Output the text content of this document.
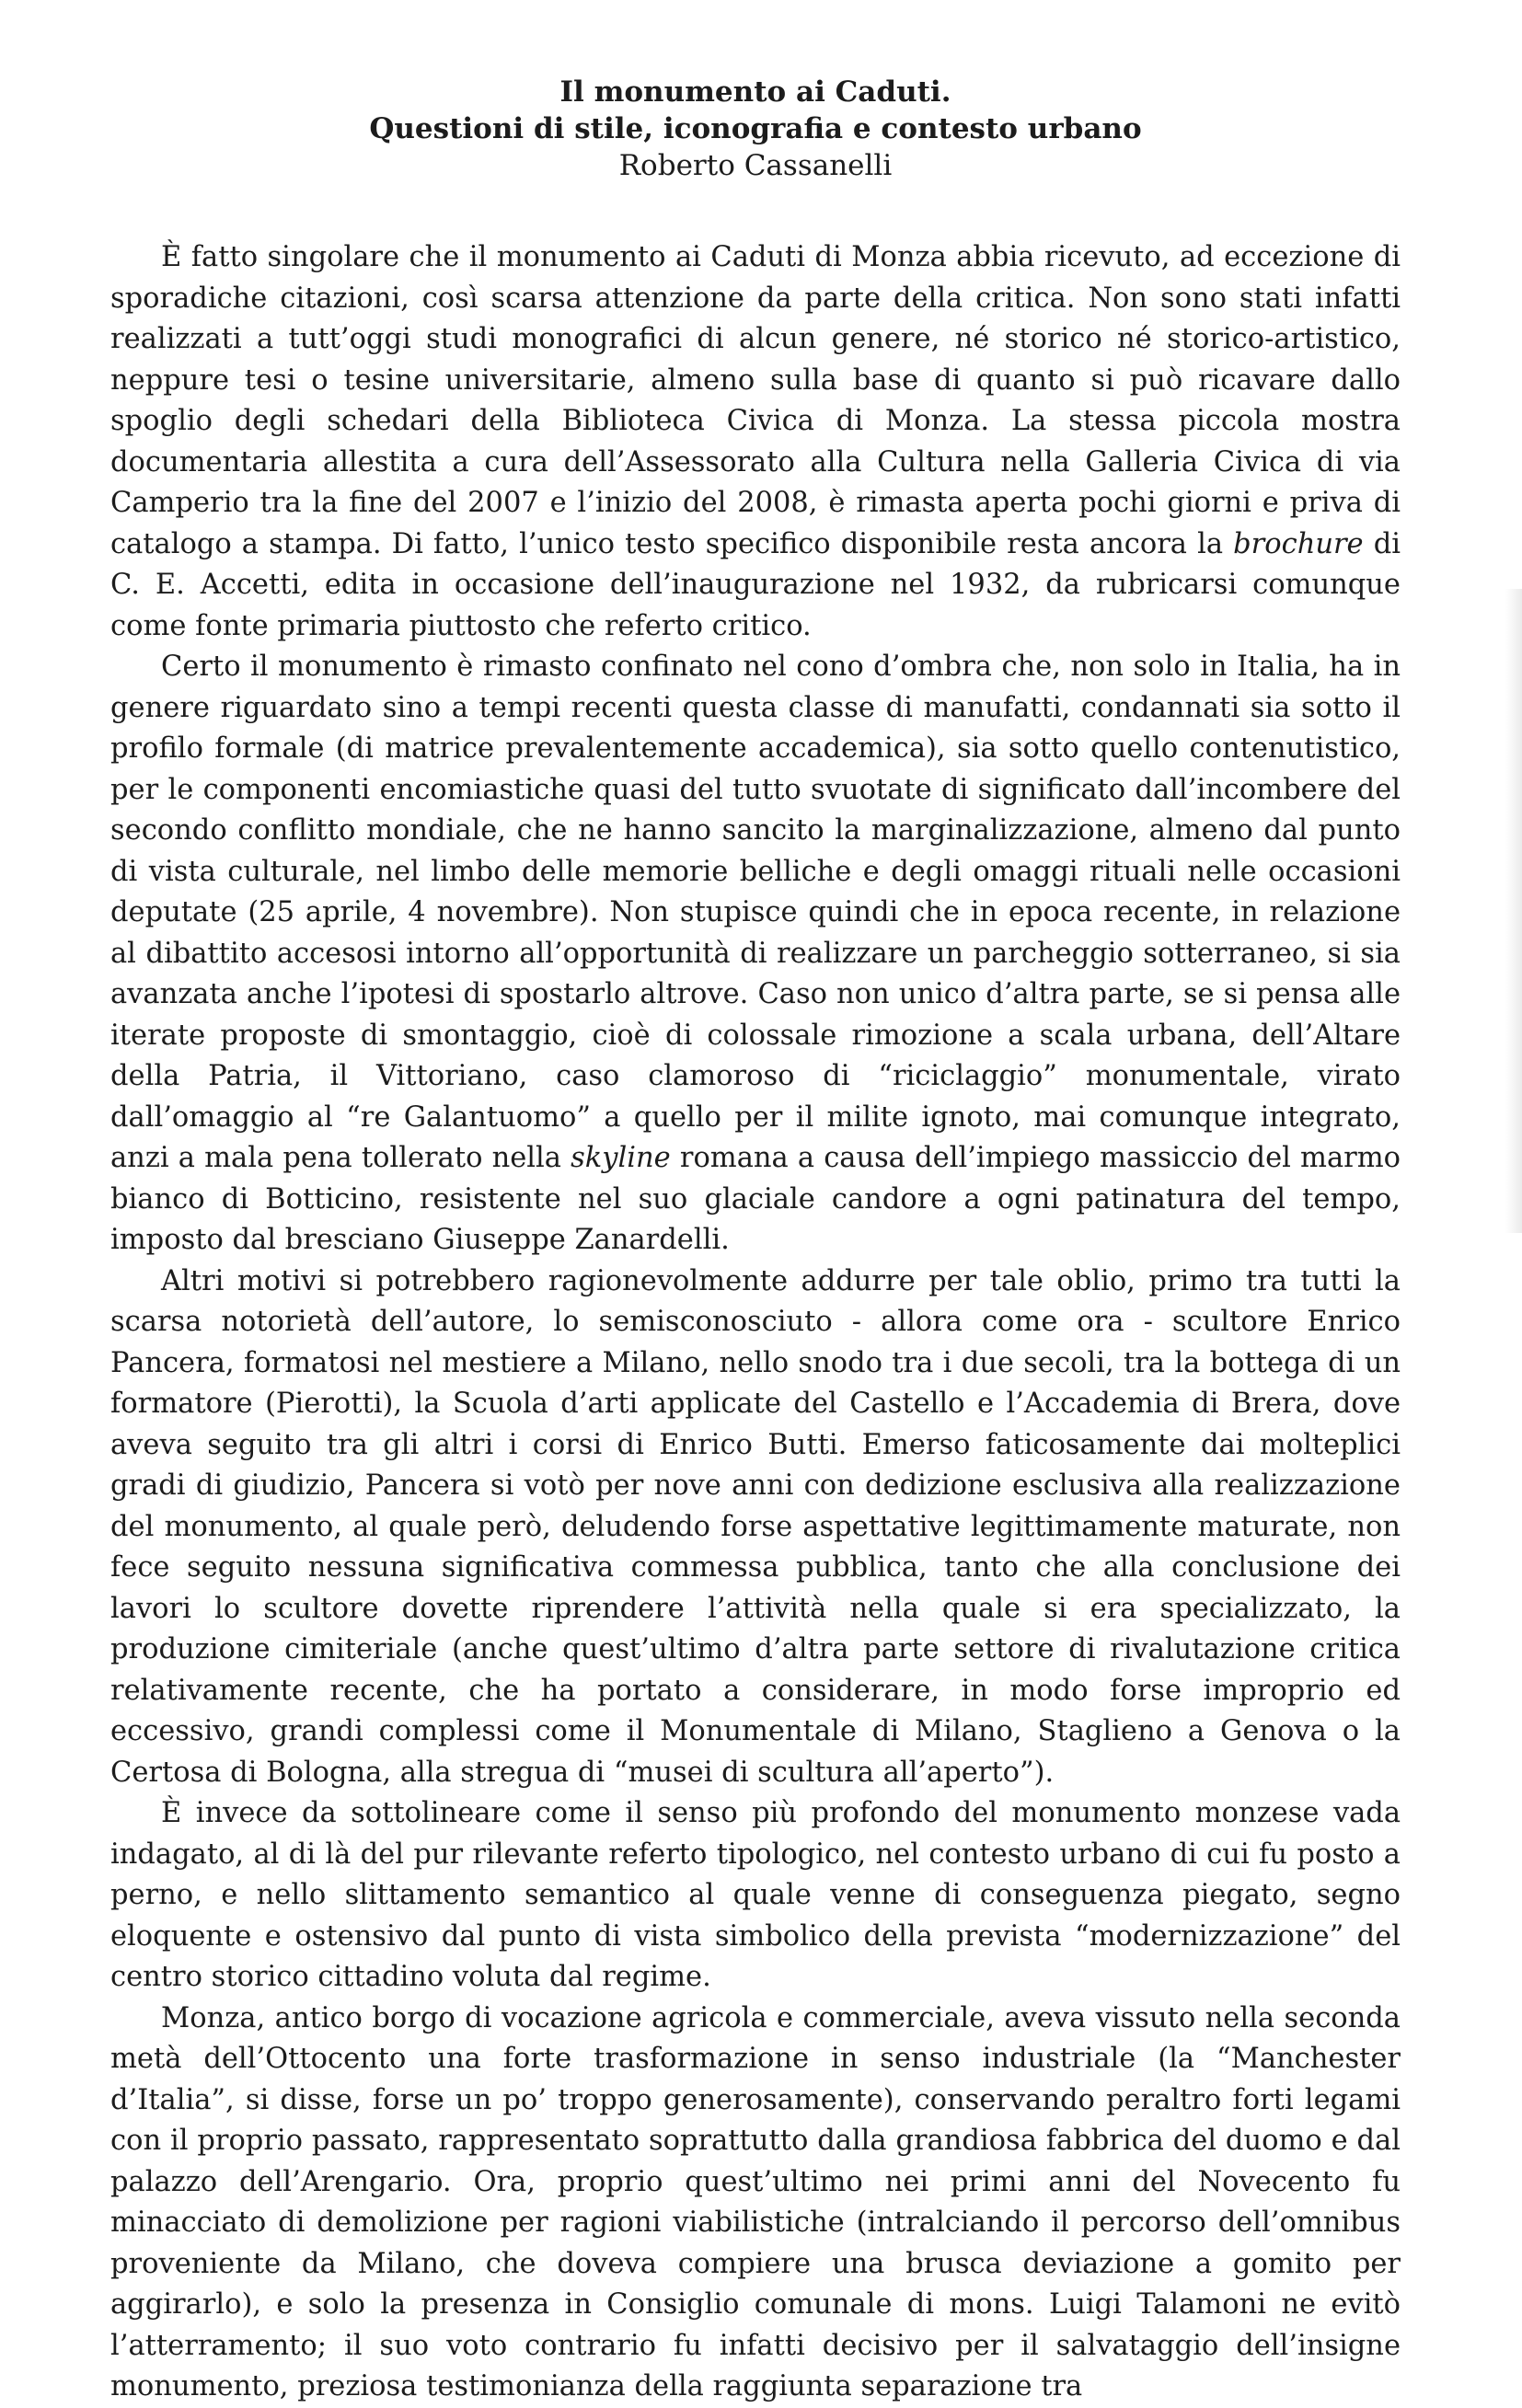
Il monumento ai Caduti.
Questioni di stile, iconografia e contesto urbano
Roberto Cassanelli

È fatto singolare che il monumento ai Caduti di Monza abbia ricevuto, ad eccezione di sporadiche citazioni, così scarsa attenzione da parte della critica. Non sono stati infatti realizzati a tutt’oggi studi monografici di alcun genere, né storico né storico-artistico, neppure tesi o tesine universitarie, almeno sulla base di quanto si può ricavare dallo spoglio degli schedari della Biblioteca Civica di Monza. La stessa piccola mostra documentaria allestita a cura dell’Assessorato alla Cultura nella Galleria Civica di via Camperio tra la fine del 2007 e l’inizio del 2008, è rimasta aperta pochi giorni e priva di catalogo a stampa. Di fatto, l’unico testo specifico disponibile resta ancora la brochure di C. E. Accetti, edita in occasione dell’inaugurazione nel 1932, da rubricarsi comunque come fonte primaria piuttosto che referto critico.

Certo il monumento è rimasto confinato nel cono d’ombra che, non solo in Italia, ha in genere riguardato sino a tempi recenti questa classe di manufatti, condannati sia sotto il profilo formale (di matrice prevalentemente accademica), sia sotto quello contenutistico, per le componenti encomiastiche quasi del tutto svuotate di significato dall’incombere del secondo conflitto mondiale, che ne hanno sancito la marginalizzazione, almeno dal punto di vista culturale, nel limbo delle memorie belliche e degli omaggi rituali nelle occasioni deputate (25 aprile, 4 novembre). Non stupisce quindi che in epoca recente, in relazione al dibattito accesosi intorno all’opportunità di realizzare un parcheggio sotterraneo, si sia avanzata anche l’ipotesi di spostarlo altrove. Caso non unico d’altra parte, se si pensa alle iterate proposte di smontaggio, cioè di colossale rimozione a scala urbana, dell’Altare della Patria, il Vittoriano, caso clamoroso di “riciclaggio” monumentale, virato dall’omaggio al “re Galantuomo” a quello per il milite ignoto, mai comunque integrato, anzi a mala pena tollerato nella skyline romana a causa dell’impiego massiccio del marmo bianco di Botticino, resistente nel suo glaciale candore a ogni patinatura del tempo, imposto dal bresciano Giuseppe Zanardelli.

Altri motivi si potrebbero ragionevolmente addurre per tale oblio, primo tra tutti la scarsa notorietà dell’autore, lo semisconosciuto - allora come ora - scultore Enrico Pancera, formatosi nel mestiere a Milano, nello snodo tra i due secoli, tra la bottega di un formatore (Pierotti), la Scuola d’arti applicate del Castello e l’Accademia di Brera, dove aveva seguito tra gli altri i corsi di Enrico Butti. Emerso faticosamente dai molteplici gradi di giudizio, Pancera si votò per nove anni con dedizione esclusiva alla realizzazione del monumento, al quale però, deludendo forse aspettative legittimamente maturate, non fece seguito nessuna significativa commessa pubblica, tanto che alla conclusione dei lavori lo scultore dovette riprendere l’attività nella quale si era specializzato, la produzione cimiteriale (anche quest’ultimo d’altra parte settore di rivalutazione critica relativamente recente, che ha portato a considerare, in modo forse improprio ed eccessivo, grandi complessi come il Monumentale di Milano, Staglieno a Genova o la Certosa di Bologna, alla stregua di “musei di scultura all’aperto”).

È invece da sottolineare come il senso più profondo del monumento monzese vada indagato, al di là del pur rilevante referto tipologico, nel contesto urbano di cui fu posto a perno, e nello slittamento semantico al quale venne di conseguenza piegato, segno eloquente e ostensivo dal punto di vista simbolico della prevista “modernizzazione” del centro storico cittadino voluta dal regime.

Monza, antico borgo di vocazione agricola e commerciale, aveva vissuto nella seconda metà dell’Ottocento una forte trasformazione in senso industriale (la “Manchester d’Italia”, si disse, forse un po’ troppo generosamente), conservando peraltro forti legami con il proprio passato, rappresentato soprattutto dalla grandiosa fabbrica del duomo e dal palazzo dell’Arengario. Ora, proprio quest’ultimo nei primi anni del Novecento fu minacciato di demolizione per ragioni viabilistiche (intralciando il percorso dell’omnibus proveniente da Milano, che doveva compiere una brusca deviazione a gomito per aggirarlo), e solo la presenza in Consiglio comunale di mons. Luigi Talamoni ne evitò l’atterramento; il suo voto contrario fu infatti decisivo per il salvataggio dell’insigne monumento, preziosa testimonianza della raggiunta separazione tra
